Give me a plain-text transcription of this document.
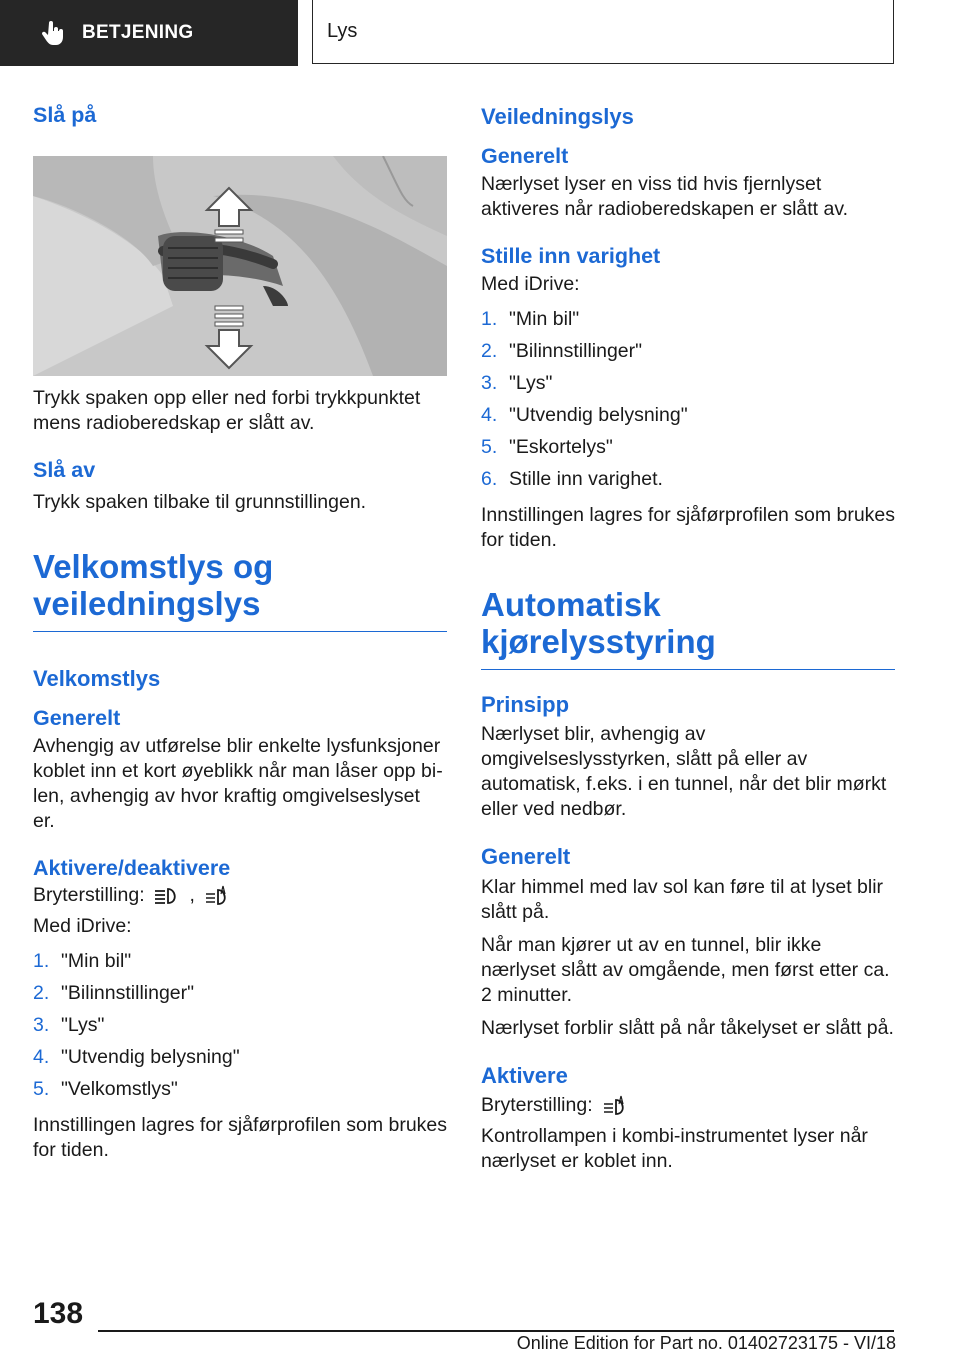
BETJENING	Lys
Slå på

Trykk spaken opp eller ned forbi trykkpunktet mens radioberedskap er slått av.

Slå av

Trykk spaken tilbake til grunnstillingen.

Velkomstlys og veiledningslys
Velkomstlys
Generelt

Avhengig av utførelse blir enkelte lysfunksjoner koblet inn et kort øyeblikk når man låser opp bi-len, avhengig av hvor kraftig omgivelseslyset er.

Aktivere/deaktivere

Bryterstilling: ,

Med iDrive:

1. "Min bil"
2. "Bilinnstillinger"
3. "Lys"
4. "Utvendig belysning"
5. "Velkomstlys"

Innstillingen lagres for sjåførprofilen som brukes for tiden.

Veiledningslys
Generelt

Nærlyset lyser en viss tid hvis fjernlyset aktiveres når radioberedskapen er slått av.

Stille inn varighet

Med iDrive:

1. "Min bil"
2. "Bilinnstillinger"
3. "Lys"
4. "Utvendig belysning"
5. "Eskortelys"
6. Stille inn varighet.

Innstillingen lagres for sjåførprofilen som brukes for tiden.

Automatisk kjørelysstyring
Prinsipp

Nærlyset blir, avhengig av omgivelseslysstyrken, slått på eller av automatisk, f.eks. i en tunnel, når det blir mørkt eller ved nedbør.

Generelt

Klar himmel med lav sol kan føre til at lyset blir slått på.

Når man kjører ut av en tunnel, blir ikke nærlyset slått av omgående, men først etter ca. 2 minutter.

Nærlyset forblir slått på når tåkelyset er slått på.

Aktivere

Bryterstilling:

Kontrollampen i kombi-instrumentet lyser når nærlyset er koblet inn.

138
Online Edition for Part no. 01402723175 - VI/18
